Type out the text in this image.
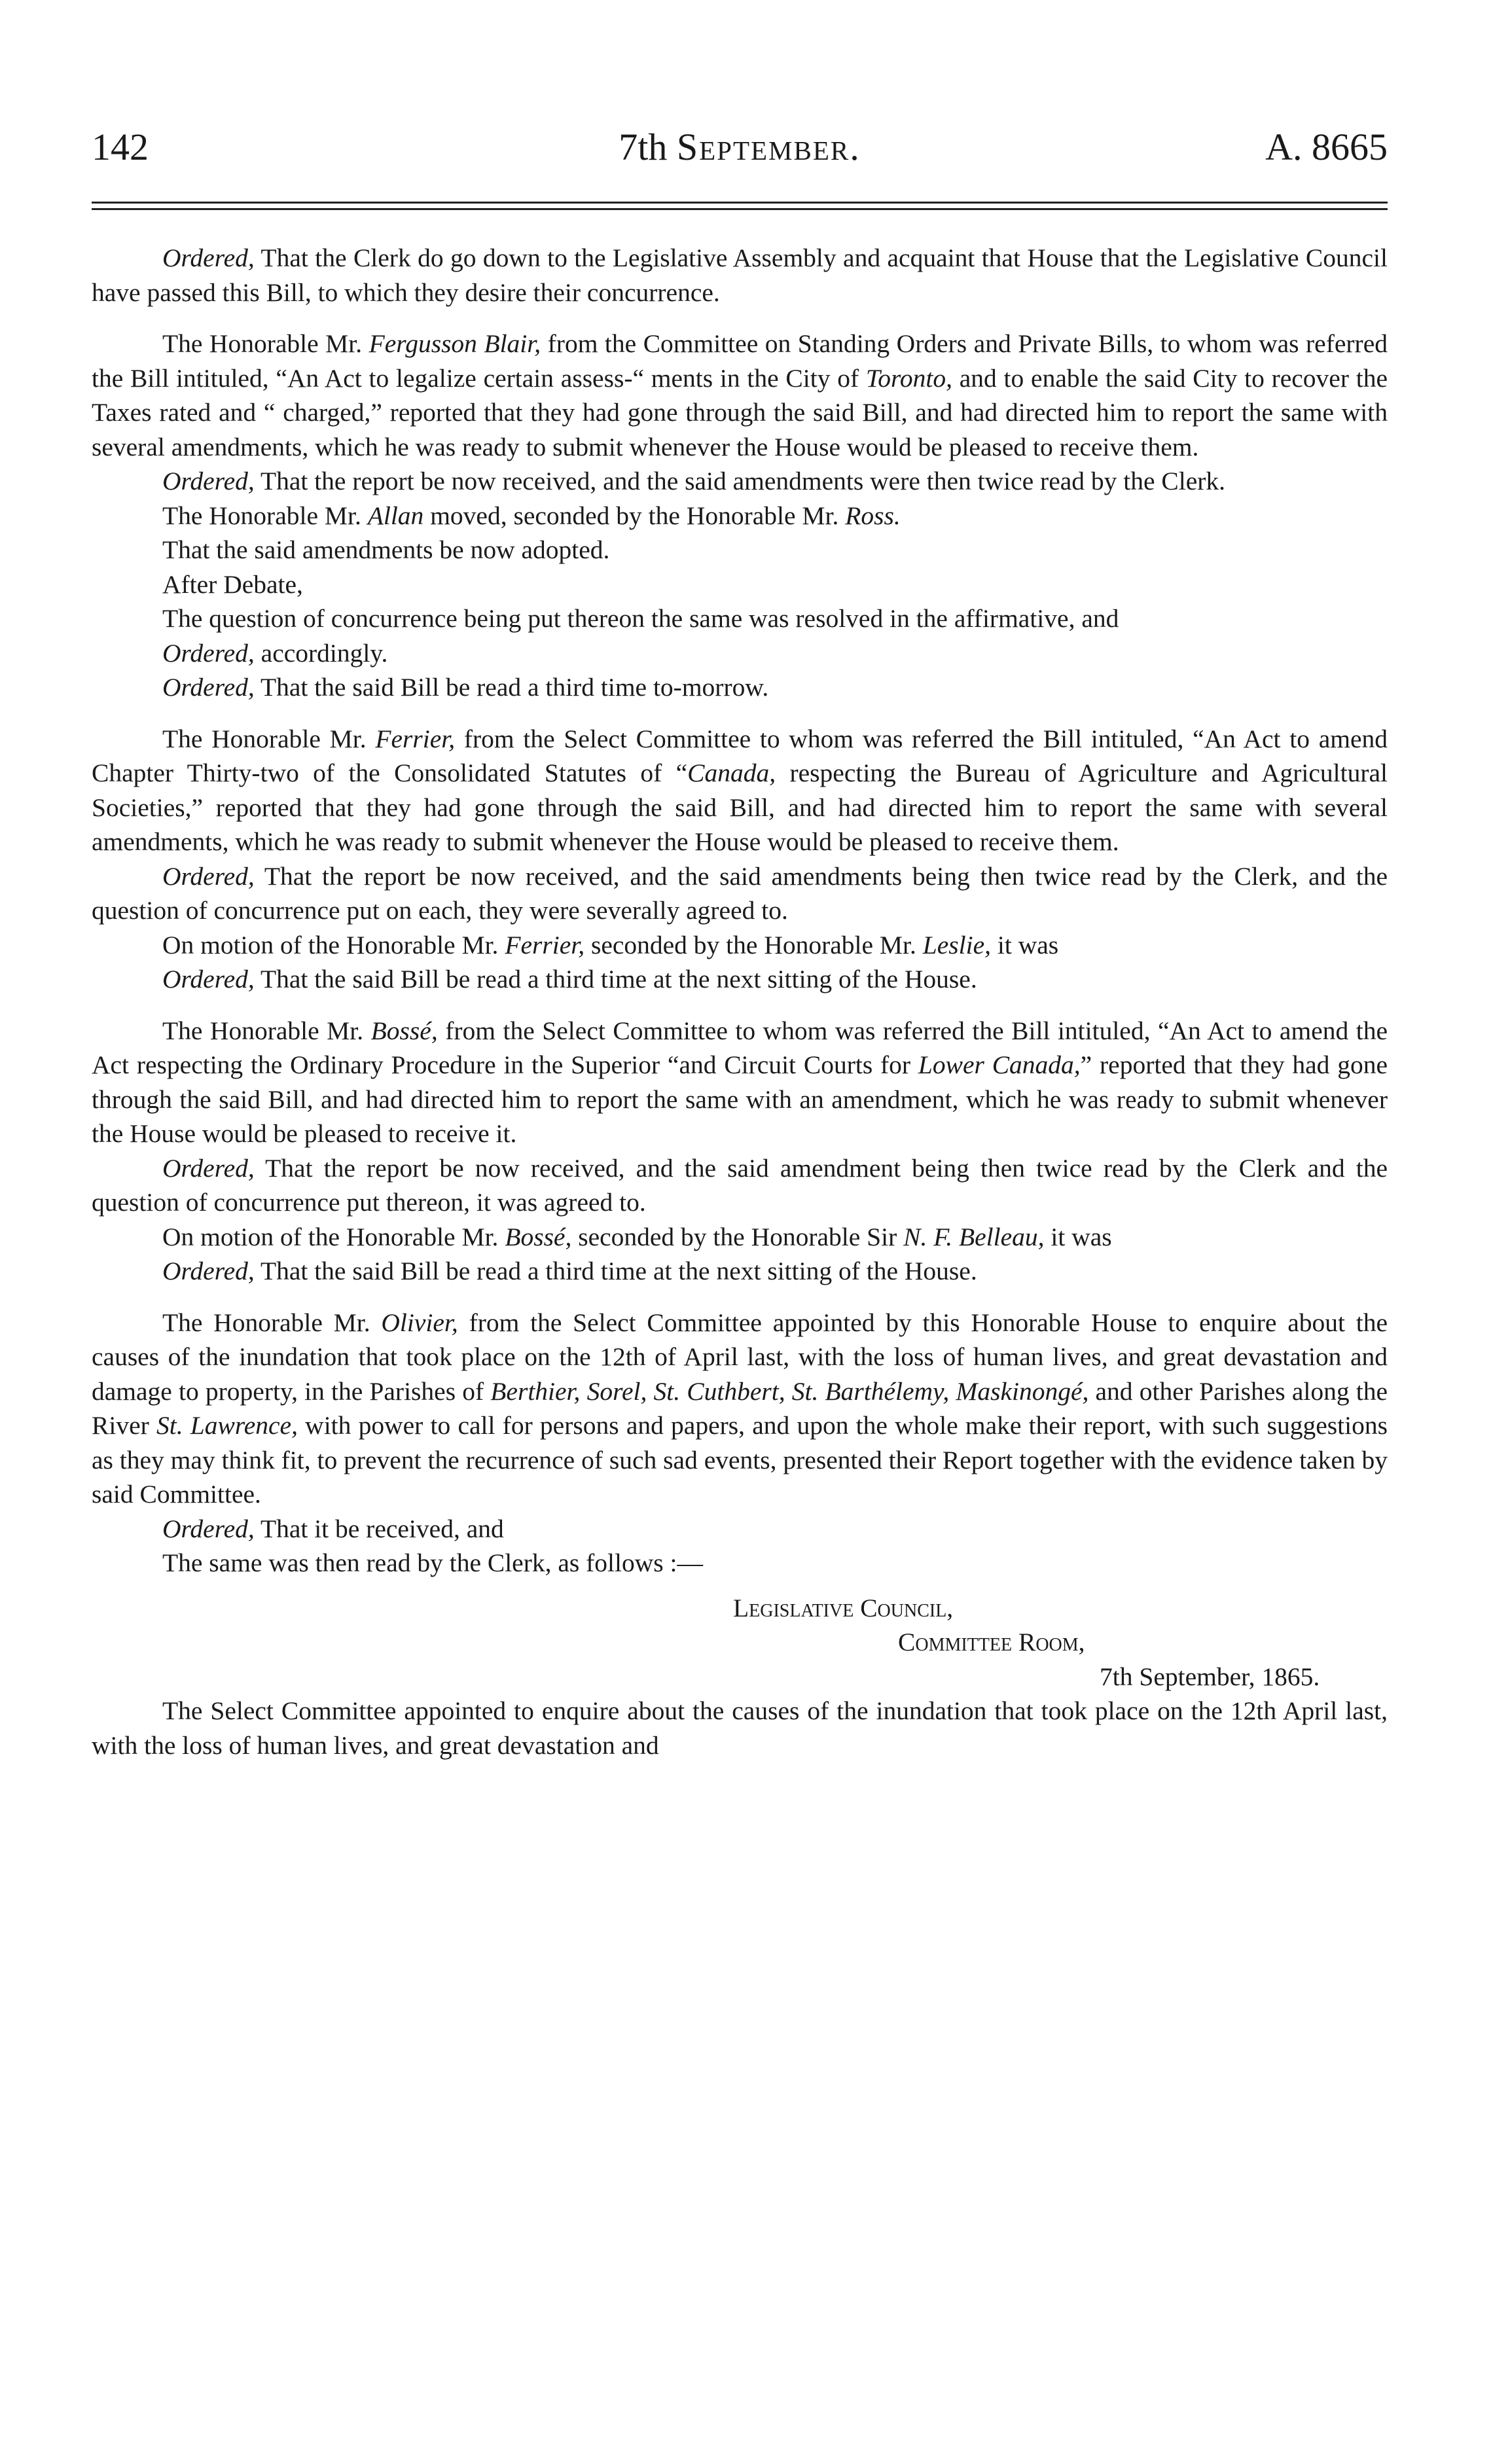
142	7th September.	A. 8665

Ordered, That the Clerk do go down to the Legislative Assembly and acquaint that House that the Legislative Council have passed this Bill, to which they desire their concurrence.

The Honorable Mr. Fergusson Blair, from the Committee on Standing Orders and Private Bills, to whom was referred the Bill intituled, “An Act to legalize certain assess-“ ments in the City of Toronto, and to enable the said City to recover the Taxes rated and “ charged,” reported that they had gone through the said Bill, and had directed him to report the same with several amendments, which he was ready to submit whenever the House would be pleased to receive them.

Ordered, That the report be now received, and the said amendments were then twice read by the Clerk.

The Honorable Mr. Allan moved, seconded by the Honorable Mr. Ross.

That the said amendments be now adopted.

After Debate,

The question of concurrence being put thereon the same was resolved in the affirmative, and

Ordered, accordingly.

Ordered, That the said Bill be read a third time to-morrow.

The Honorable Mr. Ferrier, from the Select Committee to whom was referred the Bill intituled, “An Act to amend Chapter Thirty-two of the Consolidated Statutes of “Canada, respecting the Bureau of Agriculture and Agricultural Societies,” reported that they had gone through the said Bill, and had directed him to report the same with several amendments, which he was ready to submit whenever the House would be pleased to receive them.

Ordered, That the report be now received, and the said amendments being then twice read by the Clerk, and the question of concurrence put on each, they were severally agreed to.

On motion of the Honorable Mr. Ferrier, seconded by the Honorable Mr. Leslie, it was

Ordered, That the said Bill be read a third time at the next sitting of the House.

The Honorable Mr. Bossé, from the Select Committee to whom was referred the Bill intituled, “An Act to amend the Act respecting the Ordinary Procedure in the Superior “and Circuit Courts for Lower Canada,” reported that they had gone through the said Bill, and had directed him to report the same with an amendment, which he was ready to submit whenever the House would be pleased to receive it.

Ordered, That the report be now received, and the said amendment being then twice read by the Clerk and the question of concurrence put thereon, it was agreed to.

On motion of the Honorable Mr. Bossé, seconded by the Honorable Sir N. F. Belleau, it was

Ordered, That the said Bill be read a third time at the next sitting of the House.

The Honorable Mr. Olivier, from the Select Committee appointed by this Honorable House to enquire about the causes of the inundation that took place on the 12th of April last, with the loss of human lives, and great devastation and damage to property, in the Parishes of Berthier, Sorel, St. Cuthbert, St. Barthélemy, Maskinongé, and other Parishes along the River St. Lawrence, with power to call for persons and papers, and upon the whole make their report, with such suggestions as they may think fit, to prevent the recurrence of such sad events, presented their Report together with the evidence taken by said Committee.

Ordered, That it be received, and

The same was then read by the Clerk, as follows :—

Legislative Council,
Committee Room,
7th September, 1865.

The Select Committee appointed to enquire about the causes of the inundation that took place on the 12th April last, with the loss of human lives, and great devastation and
